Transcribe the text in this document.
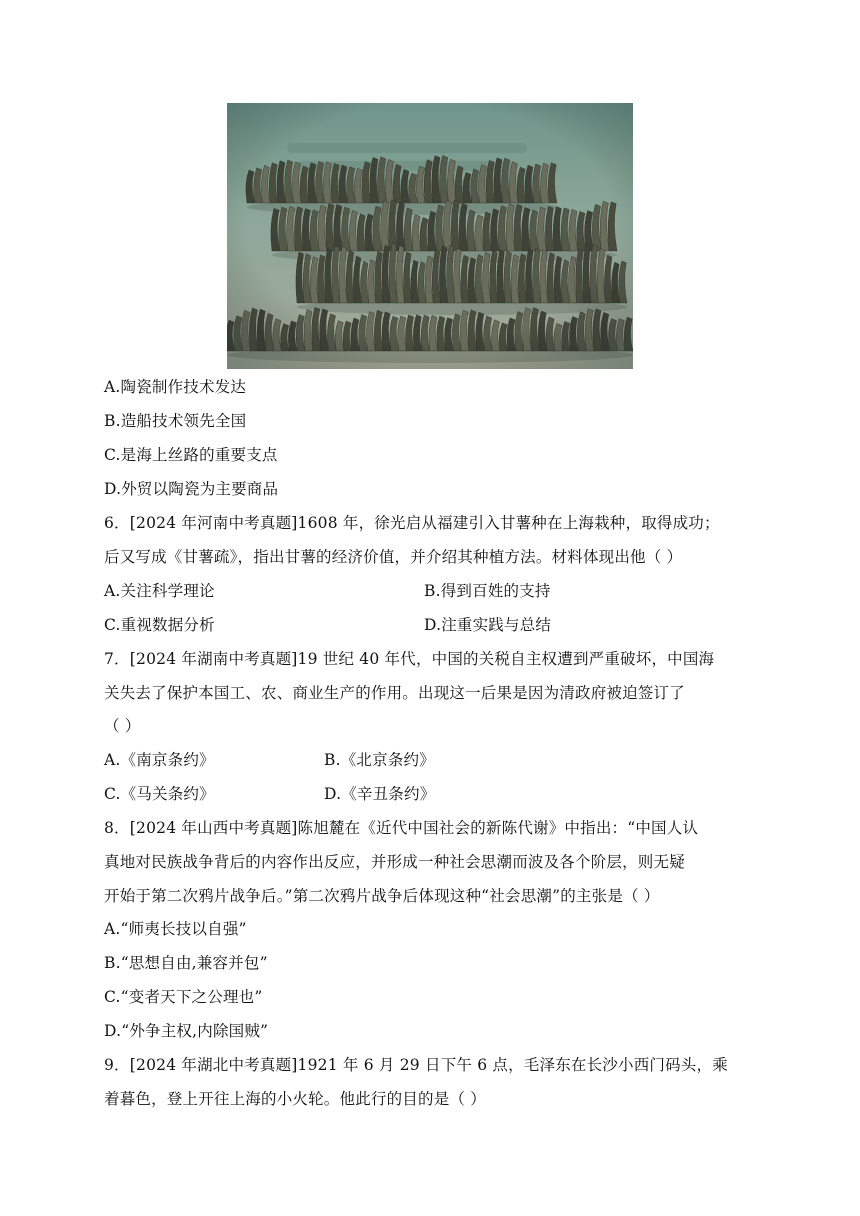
A.陶瓷制作技术发达
B.造船技术领先全国
C.是海上丝路的重要支点
D.外贸以陶瓷为主要商品
6．[2024 年河南中考真题]1608 年，徐光启从福建引入甘薯种在上海栽种，取得成功；
后又写成《甘薯疏》，指出甘薯的经济价值，并介绍其种植方法。材料体现出他（ ）
A.关注科学理论	B.得到百姓的支持
C.重视数据分析	D.注重实践与总结
7．[2024 年湖南中考真题]19 世纪 40 年代，中国的关税自主权遭到严重破坏，中国海
关失去了保护本国工、农、商业生产的作用。出现这一后果是因为清政府被迫签订了
（ ）
A.《南京条约》	B.《北京条约》
C.《马关条约》	D.《辛丑条约》
8．[2024 年山西中考真题]陈旭麓在《近代中国社会的新陈代谢》中指出：“中国人认
真地对民族战争背后的内容作出反应，并形成一种社会思潮而波及各个阶层，则无疑
开始于第二次鸦片战争后。”第二次鸦片战争后体现这种“社会思潮”的主张是（ ）
A.“师夷长技以自强”
B.“思想自由,兼容并包”
C.“变者天下之公理也”
D.“外争主权,内除国贼”
9．[2024 年湖北中考真题]1921 年 6 月 29 日下午 6 点，毛泽东在长沙小西门码头，乘
着暮色，登上开往上海的小火轮。他此行的目的是（ ）
